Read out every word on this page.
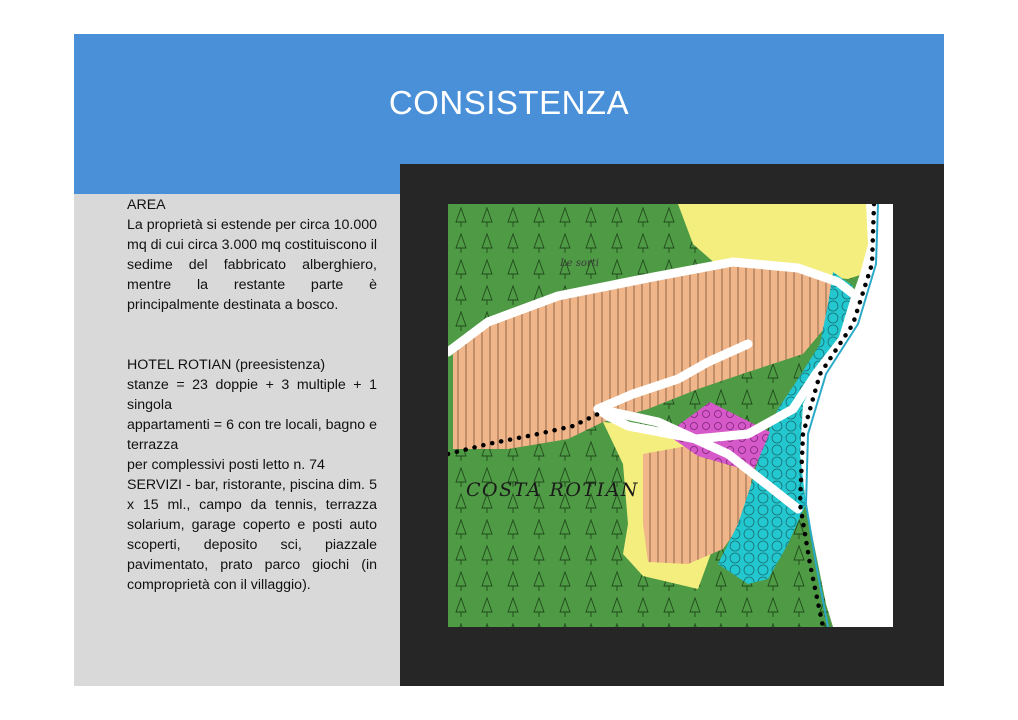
CONSISTENZA

AREA

La proprietà si estende per circa 10.000 mq di cui circa 3.000 mq costituiscono il sedime del fabbricato alberghiero, mentre la restante parte è principalmente destinata a bosco.

HOTEL ROTIAN (preesistenza)

stanze = 23 doppie + 3 multiple + 1 singola

appartamenti = 6 con tre locali, bagno e terrazza

per complessivi posti letto n. 74

SERVIZI - bar, ristorante, piscina dim. 5 x 15 ml., campo da tennis, terrazza solarium, garage coperto e posti auto scoperti, deposito sci, piazzale pavimentato, prato parco giochi (in comproprietà con il villaggio).

COSTA ROTIAN
Le sorti
